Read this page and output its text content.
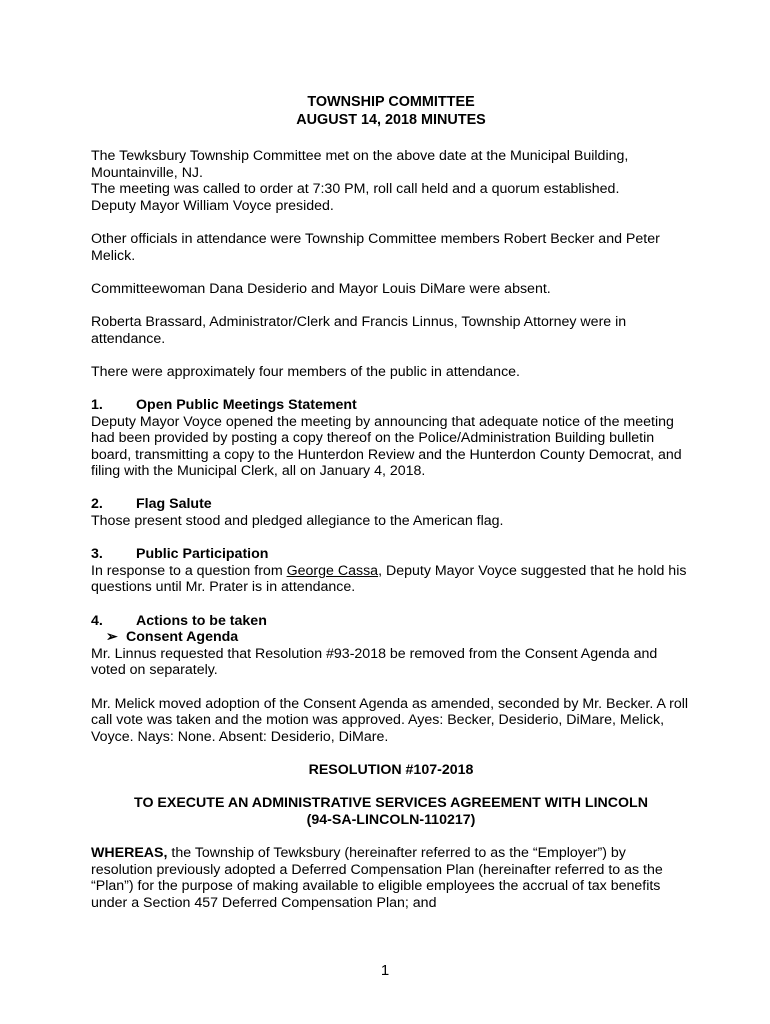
TOWNSHIP COMMITTEE

AUGUST 14, 2018 MINUTES

The Tewksbury Township Committee met on the above date at the Municipal Building, Mountainville, NJ.

The meeting was called to order at 7:30 PM, roll call held and a quorum established.

Deputy Mayor William Voyce presided.

Other officials in attendance were Township Committee members Robert Becker and Peter Melick.

Committeewoman Dana Desiderio and Mayor Louis DiMare were absent.

Roberta Brassard, Administrator/Clerk and Francis Linnus, Township Attorney were in attendance.

There were approximately four members of the public in attendance.

1.	Open Public Meetings Statement

Deputy Mayor Voyce opened the meeting by announcing that adequate notice of the meeting had been provided by posting a copy thereof on the Police/Administration Building bulletin board, transmitting a copy to the Hunterdon Review and the Hunterdon County Democrat, and filing with the Municipal Clerk, all on January 4, 2018.

2.	Flag Salute

Those present stood and pledged allegiance to the American flag.

3.	Public Participation

In response to a question from George Cassa, Deputy Mayor Voyce suggested that he hold his questions until Mr. Prater is in attendance.

4.	Actions to be taken
➢ Consent Agenda

Mr. Linnus requested that Resolution #93-2018 be removed from the Consent Agenda and voted on separately.

Mr. Melick moved adoption of the Consent Agenda as amended, seconded by Mr. Becker. A roll call vote was taken and the motion was approved. Ayes: Becker, Desiderio, DiMare, Melick, Voyce. Nays: None. Absent: Desiderio, DiMare.

RESOLUTION #107-2018

TO EXECUTE AN ADMINISTRATIVE SERVICES AGREEMENT WITH LINCOLN

(94-SA-LINCOLN-110217)

WHEREAS, the Township of Tewksbury (hereinafter referred to as the “Employer”) by resolution previously adopted a Deferred Compensation Plan (hereinafter referred to as the “Plan”) for the purpose of making available to eligible employees the accrual of tax benefits under a Section 457 Deferred Compensation Plan; and

1
